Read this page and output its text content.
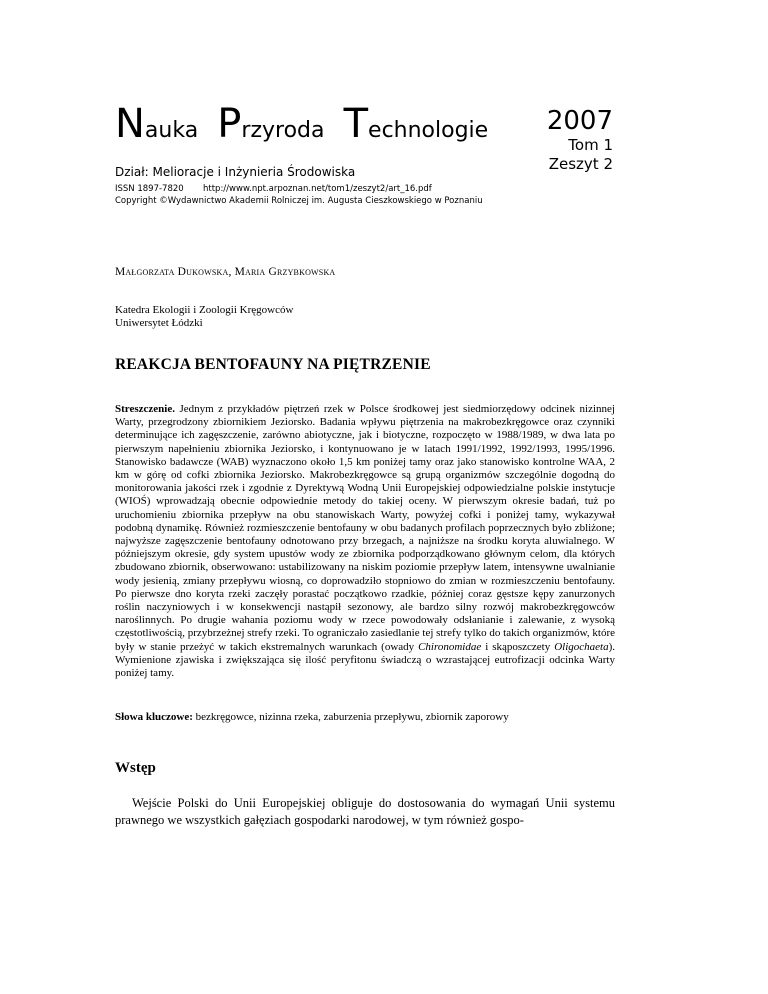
Nauka Przyroda Technologie	2007
Tom 1
Zeszyt 2
Dział: Melioracje i Inżynieria Środowiska
ISSN 1897-7820 http://www.npt.arpoznan.net/tom1/zeszyt2/art_16.pdf
Copyright ©Wydawnictwo Akademii Rolniczej im. Augusta Cieszkowskiego w Poznaniu
Małgorzata Dukowska, Maria Grzybkowska
Katedra Ekologii i Zoologii Kręgowców
Uniwersytet Łódzki
REAKCJA BENTOFAUNY NA PIĘTRZENIE
Streszczenie. Jednym z przykładów piętrzeń rzek w Polsce środkowej jest siedmiorzędowy odcinek nizinnej Warty, przegrodzony zbiornikiem Jeziorsko. Badania wpływu piętrzenia na makrobezkręgowce oraz czynniki determinujące ich zagęszczenie, zarówno abiotyczne, jak i biotyczne, rozpoczęto w 1988/1989, w dwa lata po pierwszym napełnieniu zbiornika Jeziorsko, i kontynuowano je w latach 1991/1992, 1992/1993, 1995/1996. Stanowisko badawcze (WAB) wyznaczono około 1,5 km poniżej tamy oraz jako stanowisko kontrolne WAA, 2 km w górę od cofki zbiornika Jeziorsko. Makrobezkręgowce są grupą organizmów szczególnie dogodną do monitorowania jakości rzek i zgodnie z Dyrektywą Wodną Unii Europejskiej odpowiedzialne polskie instytucje (WIOŚ) wprowadzają obecnie odpowiednie metody do takiej oceny. W pierwszym okresie badań, tuż po uruchomieniu zbiornika przepływ na obu stanowiskach Warty, powyżej cofki i poniżej tamy, wykazywał podobną dynamikę. Również rozmieszczenie bentofauny w obu badanych profilach poprzecznych było zbliżone; najwyższe zagęszczenie bentofauny odnotowano przy brzegach, a najniższe na środku koryta aluwialnego. W późniejszym okresie, gdy system upustów wody ze zbiornika podporządkowano głównym celom, dla których zbudowano zbiornik, obserwowano: ustabilizowany na niskim poziomie przepływ latem, intensywne uwalnianie wody jesienią, zmiany przepływu wiosną, co doprowadziło stopniowo do zmian w rozmieszczeniu bentofauny. Po pierwsze dno koryta rzeki zaczęły porastać początkowo rzadkie, później coraz gęstsze kępy zanurzonych roślin naczyniowych i w konsekwencji nastąpił sezonowy, ale bardzo silny rozwój makrobezkręgowców naroślinnych. Po drugie wahania poziomu wody w rzece powodowały odsłanianie i zalewanie, z wysoką częstotliwością, przybrzeżnej strefy rzeki. To ograniczało zasiedlanie tej strefy tylko do takich organizmów, które były w stanie przeżyć w takich ekstremalnych warunkach (owady Chironomidae i skąposzczety Oligochaeta). Wymienione zjawiska i zwiększająca się ilość peryfitonu świadczą o wzrastającej eutrofizacji odcinka Warty poniżej tamy.
Słowa kluczowe: bezkręgowce, nizinna rzeka, zaburzenia przepływu, zbiornik zaporowy
Wstęp
Wejście Polski do Unii Europejskiej obliguje do dostosowania do wymagań Unii systemu prawnego we wszystkich gałęziach gospodarki narodowej, w tym również gospo-
